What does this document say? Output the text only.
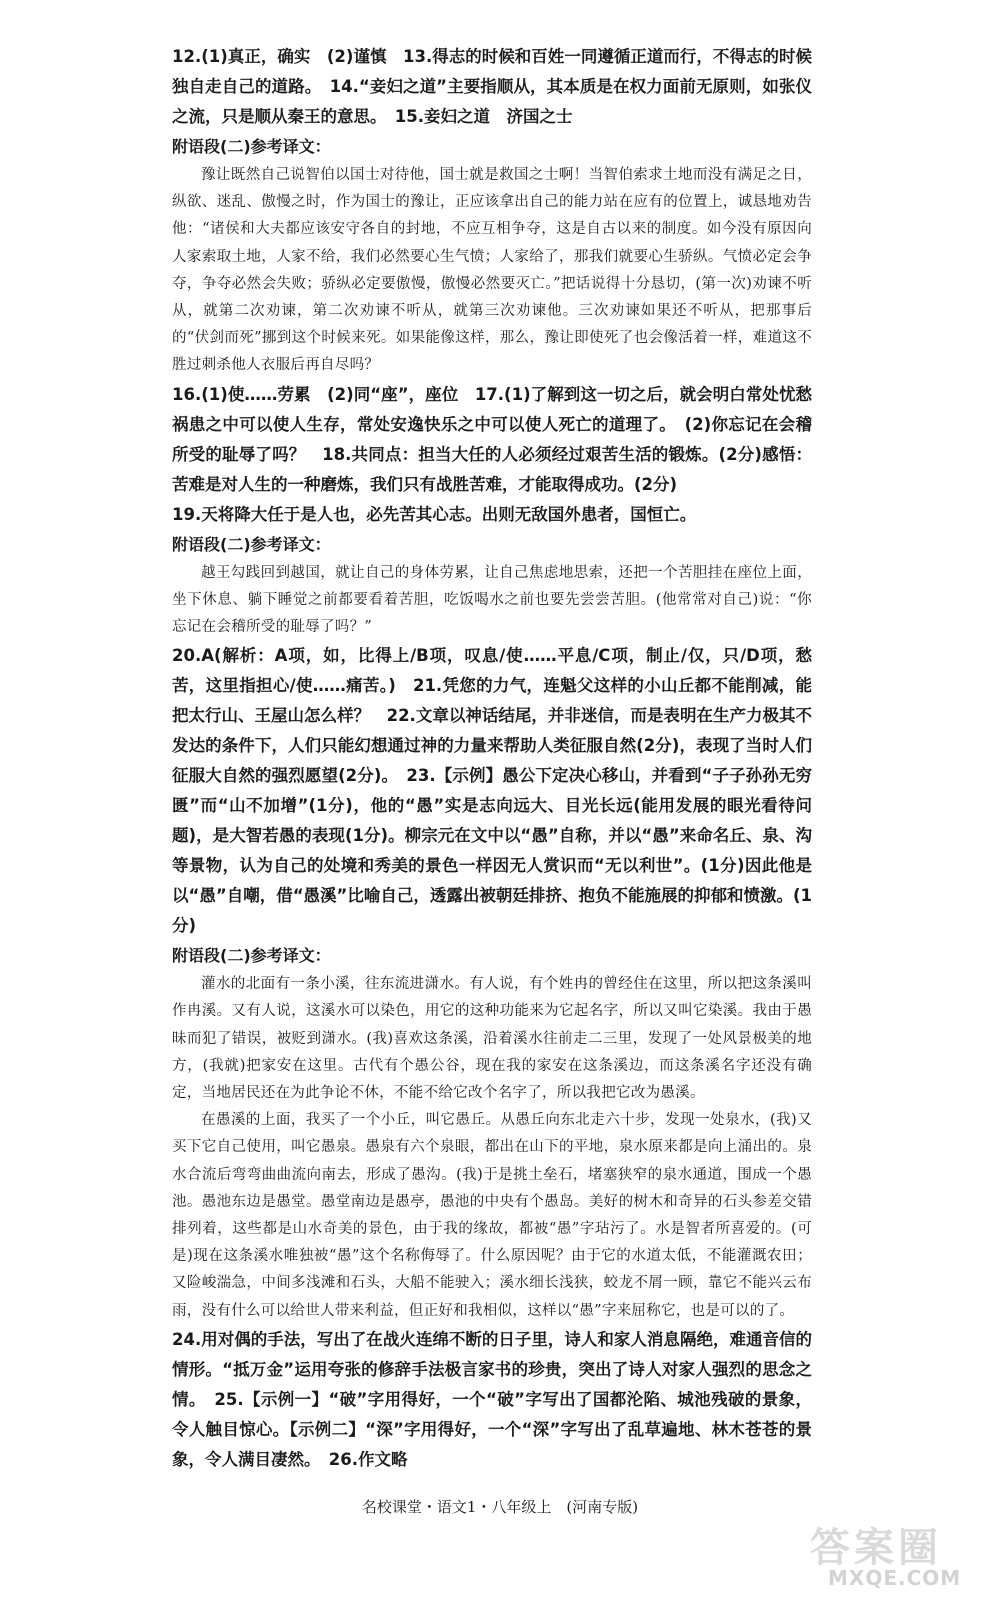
12.(1)真正，确实　(2)谨慎　13.得志的时候和百姓一同遵循正道而行，不得志的时候独自走自己的道路。　14.“妾妇之道”主要指顺从，其本质是在权力面前无原则，如张仪之流，只是顺从秦王的意思。　15.妾妇之道　济国之士

附语段(二)参考译文：

豫让既然自己说智伯以国士对待他，国士就是救国之士啊！当智伯索求土地而没有满足之日，纵欲、迷乱、傲慢之时，作为国士的豫让，正应该拿出自己的能力站在应有的位置上，诚恳地劝告他：“诸侯和大夫都应该安守各自的封地，不应互相争夺，这是自古以来的制度。如今没有原因向人家索取土地，人家不给，我们必然要心生气愤；人家给了，那我们就要心生骄纵。气愤必定会争夺，争夺必然会失败；骄纵必定要傲慢，傲慢必然要灭亡。”把话说得十分恳切，(第一次)劝谏不听从，就第二次劝谏，第二次劝谏不听从，就第三次劝谏他。三次劝谏如果还不听从，把那事后的“伏剑而死”挪到这个时候来死。如果能像这样，那么，豫让即使死了也会像活着一样，难道这不胜过刺杀他人衣服后再自尽吗？

16.(1)使……劳累　(2)同“座”，座位　17.(1)了解到这一切之后，就会明白常处忧愁祸患之中可以使人生存，常处安逸快乐之中可以使人死亡的道理了。　(2)你忘记在会稽所受的耻辱了吗？　18.共同点：担当大任的人必须经过艰苦生活的锻炼。(2分)感悟：苦难是对人生的一种磨炼，我们只有战胜苦难，才能取得成功。(2分)

19.天将降大任于是人也，必先苦其心志。出则无敌国外患者，国恒亡。

附语段(二)参考译文：

越王勾践回到越国，就让自己的身体劳累，让自己焦虑地思索，还把一个苦胆挂在座位上面，坐下休息、躺下睡觉之前都要看着苦胆，吃饭喝水之前也要先尝尝苦胆。(他常常对自己)说：“你忘记在会稽所受的耻辱了吗？”

20.A(解析：A项，如，比得上/B项，叹息/使……平息/C项，制止/仅，只/D项，愁苦，这里指担心/使……痛苦。)　21.凭您的力气，连魁父这样的小山丘都不能削减，能把太行山、王屋山怎么样？　22.文章以神话结尾，并非迷信，而是表明在生产力极其不发达的条件下，人们只能幻想通过神的力量来帮助人类征服自然(2分)，表现了当时人们征服大自然的强烈愿望(2分)。　23.【示例】愚公下定决心移山，并看到“子子孙孙无穷匮”而“山不加增”(1分)，他的“愚”实是志向远大、目光长远(能用发展的眼光看待问题)，是大智若愚的表现(1分)。柳宗元在文中以“愚”自称，并以“愚”来命名丘、泉、沟等景物，认为自己的处境和秀美的景色一样因无人赏识而“无以利世”。(1分)因此他是以“愚”自嘲，借“愚溪”比喻自己，透露出被朝廷排挤、抱负不能施展的抑郁和愤激。(1分)

附语段(二)参考译文：

灌水的北面有一条小溪，往东流进潇水。有人说，有个姓冉的曾经住在这里，所以把这条溪叫作冉溪。又有人说，这溪水可以染色，用它的这种功能来为它起名字，所以又叫它染溪。我由于愚昧而犯了错误，被贬到潇水。(我)喜欢这条溪，沿着溪水往前走二三里，发现了一处风景极美的地方，(我就)把家安在这里。古代有个愚公谷，现在我的家安在这条溪边，而这条溪名字还没有确定，当地居民还在为此争论不休，不能不给它改个名字了，所以我把它改为愚溪。

在愚溪的上面，我买了一个小丘，叫它愚丘。从愚丘向东北走六十步，发现一处泉水，(我)又买下它自己使用，叫它愚泉。愚泉有六个泉眼，都出在山下的平地，泉水原来都是向上涌出的。泉水合流后弯弯曲曲流向南去，形成了愚沟。(我)于是挑土垒石，堵塞狭窄的泉水通道，围成一个愚池。愚池东边是愚堂。愚堂南边是愚亭，愚池的中央有个愚岛。美好的树木和奇异的石头参差交错排列着，这些都是山水奇美的景色，由于我的缘故，都被“愚”字玷污了。水是智者所喜爱的。(可是)现在这条溪水唯独被“愚”这个名称侮辱了。什么原因呢？由于它的水道太低，不能灌溉农田；又险峻湍急，中间多浅滩和石头，大船不能驶入；溪水细长浅狭，蛟龙不屑一顾，靠它不能兴云布雨，没有什么可以给世人带来利益，但正好和我相似，这样以“愚”字来屈称它，也是可以的了。

24.用对偶的手法，写出了在战火连绵不断的日子里，诗人和家人消息隔绝，难通音信的情形。“抵万金”运用夸张的修辞手法极言家书的珍贵，突出了诗人对家人强烈的思念之情。　25.【示例一】“破”字用得好，一个“破”字写出了国都沦陷、城池残破的景象，令人触目惊心。【示例二】“深”字用得好，一个“深”字写出了乱草遍地、林木苍苍的景象，令人满目凄然。　26.作文略

名校课堂・语文1・八年级上　(河南专版)
答案圈
MXQE.COM
